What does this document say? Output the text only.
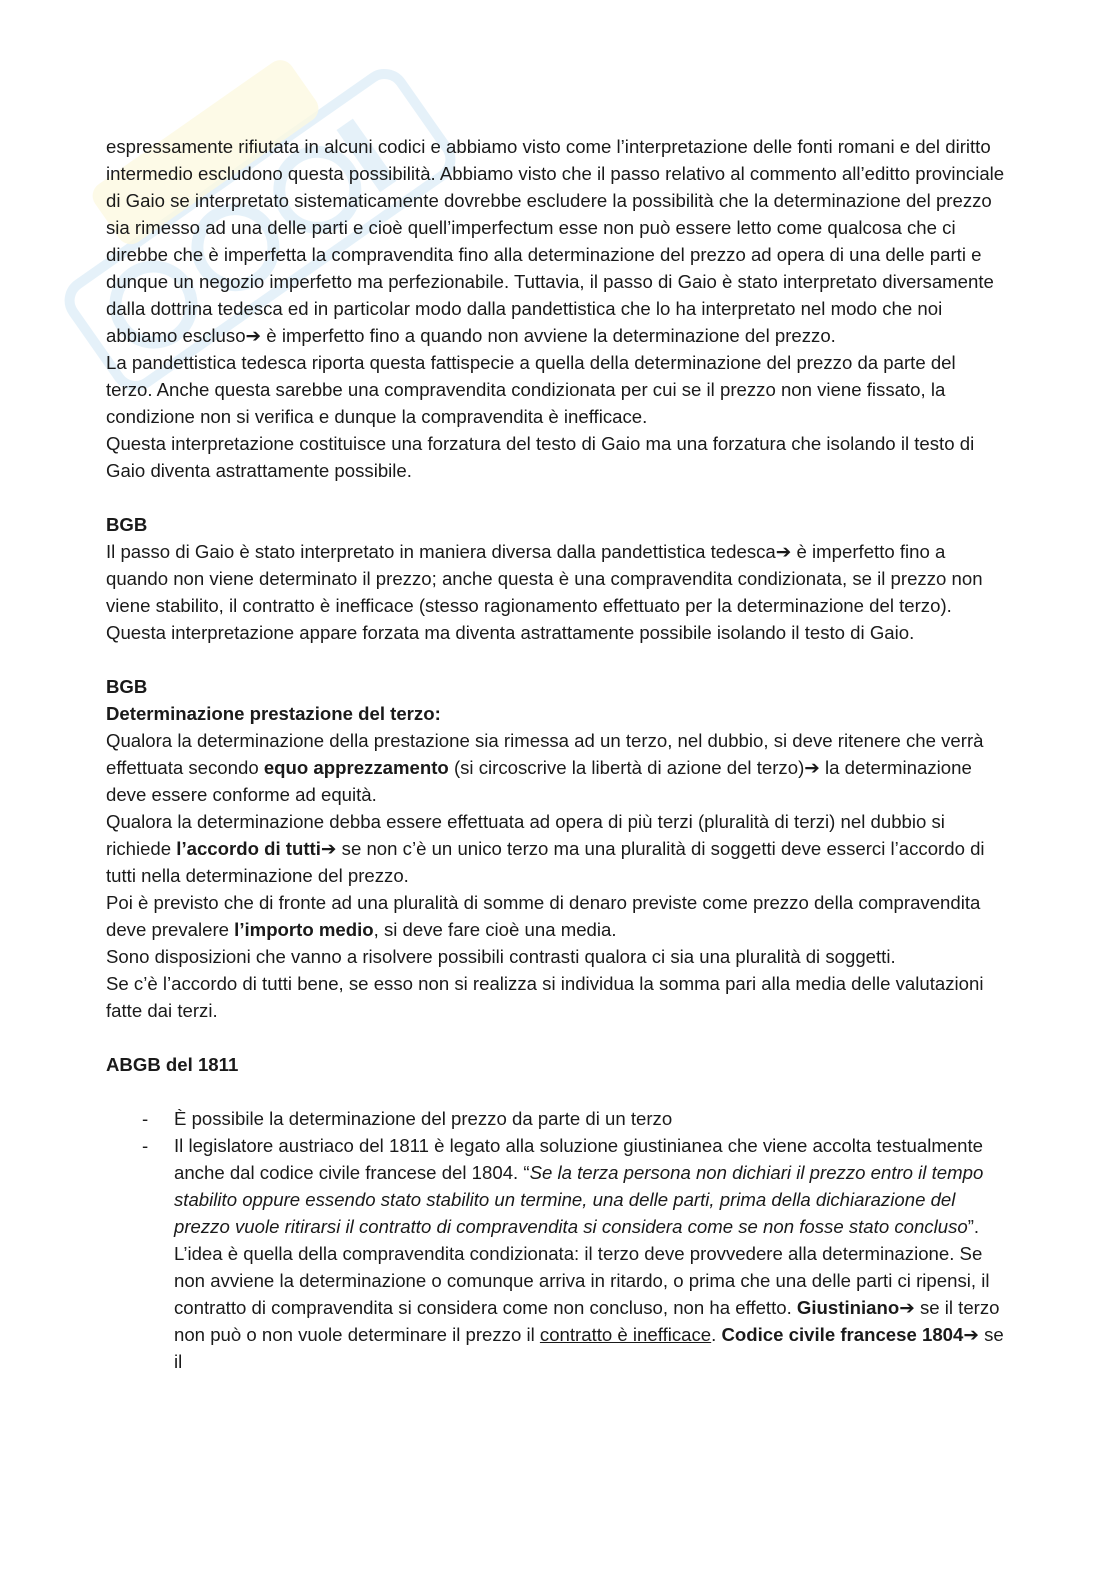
espressamente rifiutata in alcuni codici e abbiamo visto come l’interpretazione delle fonti romani e del diritto intermedio escludono questa possibilità. Abbiamo visto che il passo relativo al commento all’editto provinciale di Gaio se interpretato sistematicamente dovrebbe escludere la possibilità che la determinazione del prezzo sia rimesso ad una delle parti e cioè quell’imperfectum esse non può essere letto come qualcosa che ci direbbe che è imperfetta la compravendita fino alla determinazione del prezzo ad opera di una delle parti e dunque un negozio imperfetto ma perfezionabile. Tuttavia, il passo di Gaio è stato interpretato diversamente dalla dottrina tedesca ed in particolar modo dalla pandettistica che lo ha interpretato nel modo che noi abbiamo escluso➔ è imperfetto fino a quando non avviene la determinazione del prezzo.

La pandettistica tedesca riporta questa fattispecie a quella della determinazione del prezzo da parte del terzo. Anche questa sarebbe una compravendita condizionata per cui se il prezzo non viene fissato, la condizione non si verifica e dunque la compravendita è inefficace.

Questa interpretazione costituisce una forzatura del testo di Gaio ma una forzatura che isolando il testo di Gaio diventa astrattamente possibile.

BGB

Il passo di Gaio è stato interpretato in maniera diversa dalla pandettistica tedesca➔ è imperfetto fino a quando non viene determinato il prezzo; anche questa è una compravendita condizionata, se il prezzo non viene stabilito, il contratto è inefficace (stesso ragionamento effettuato per la determinazione del terzo). Questa interpretazione appare forzata ma diventa astrattamente possibile isolando il testo di Gaio.

BGB

Determinazione prestazione del terzo:

Qualora la determinazione della prestazione sia rimessa ad un terzo, nel dubbio, si deve ritenere che verrà effettuata secondo equo apprezzamento (si circoscrive la libertà di azione del terzo)➔ la determinazione deve essere conforme ad equità.

Qualora la determinazione debba essere effettuata ad opera di più terzi (pluralità di terzi) nel dubbio si richiede l’accordo di tutti➔ se non c’è un unico terzo ma una pluralità di soggetti deve esserci l’accordo di tutti nella determinazione del prezzo.

Poi è previsto che di fronte ad una pluralità di somme di denaro previste come prezzo della compravendita deve prevalere l’importo medio, si deve fare cioè una media.

Sono disposizioni che vanno a risolvere possibili contrasti qualora ci sia una pluralità di soggetti.

Se c’è l’accordo di tutti bene, se esso non si realizza si individua la somma pari alla media delle valutazioni fatte dai terzi.

ABGB del 1811

- È possibile la determinazione del prezzo da parte di un terzo
- Il legislatore austriaco del 1811 è legato alla soluzione giustinianea che viene accolta testualmente anche dal codice civile francese del 1804. “Se la terza persona non dichiari il prezzo entro il tempo stabilito oppure essendo stato stabilito un termine, una delle parti, prima della dichiarazione del prezzo vuole ritirarsi il contratto di compravendita si considera come se non fosse stato concluso”. L’idea è quella della compravendita condizionata: il terzo deve provvedere alla determinazione. Se non avviene la determinazione o comunque arriva in ritardo, o prima che una delle parti ci ripensi, il contratto di compravendita si considera come non concluso, non ha effetto. Giustiniano➔ se il terzo non può o non vuole determinare il prezzo il contratto è inefficace. Codice civile francese 1804➔ se il
